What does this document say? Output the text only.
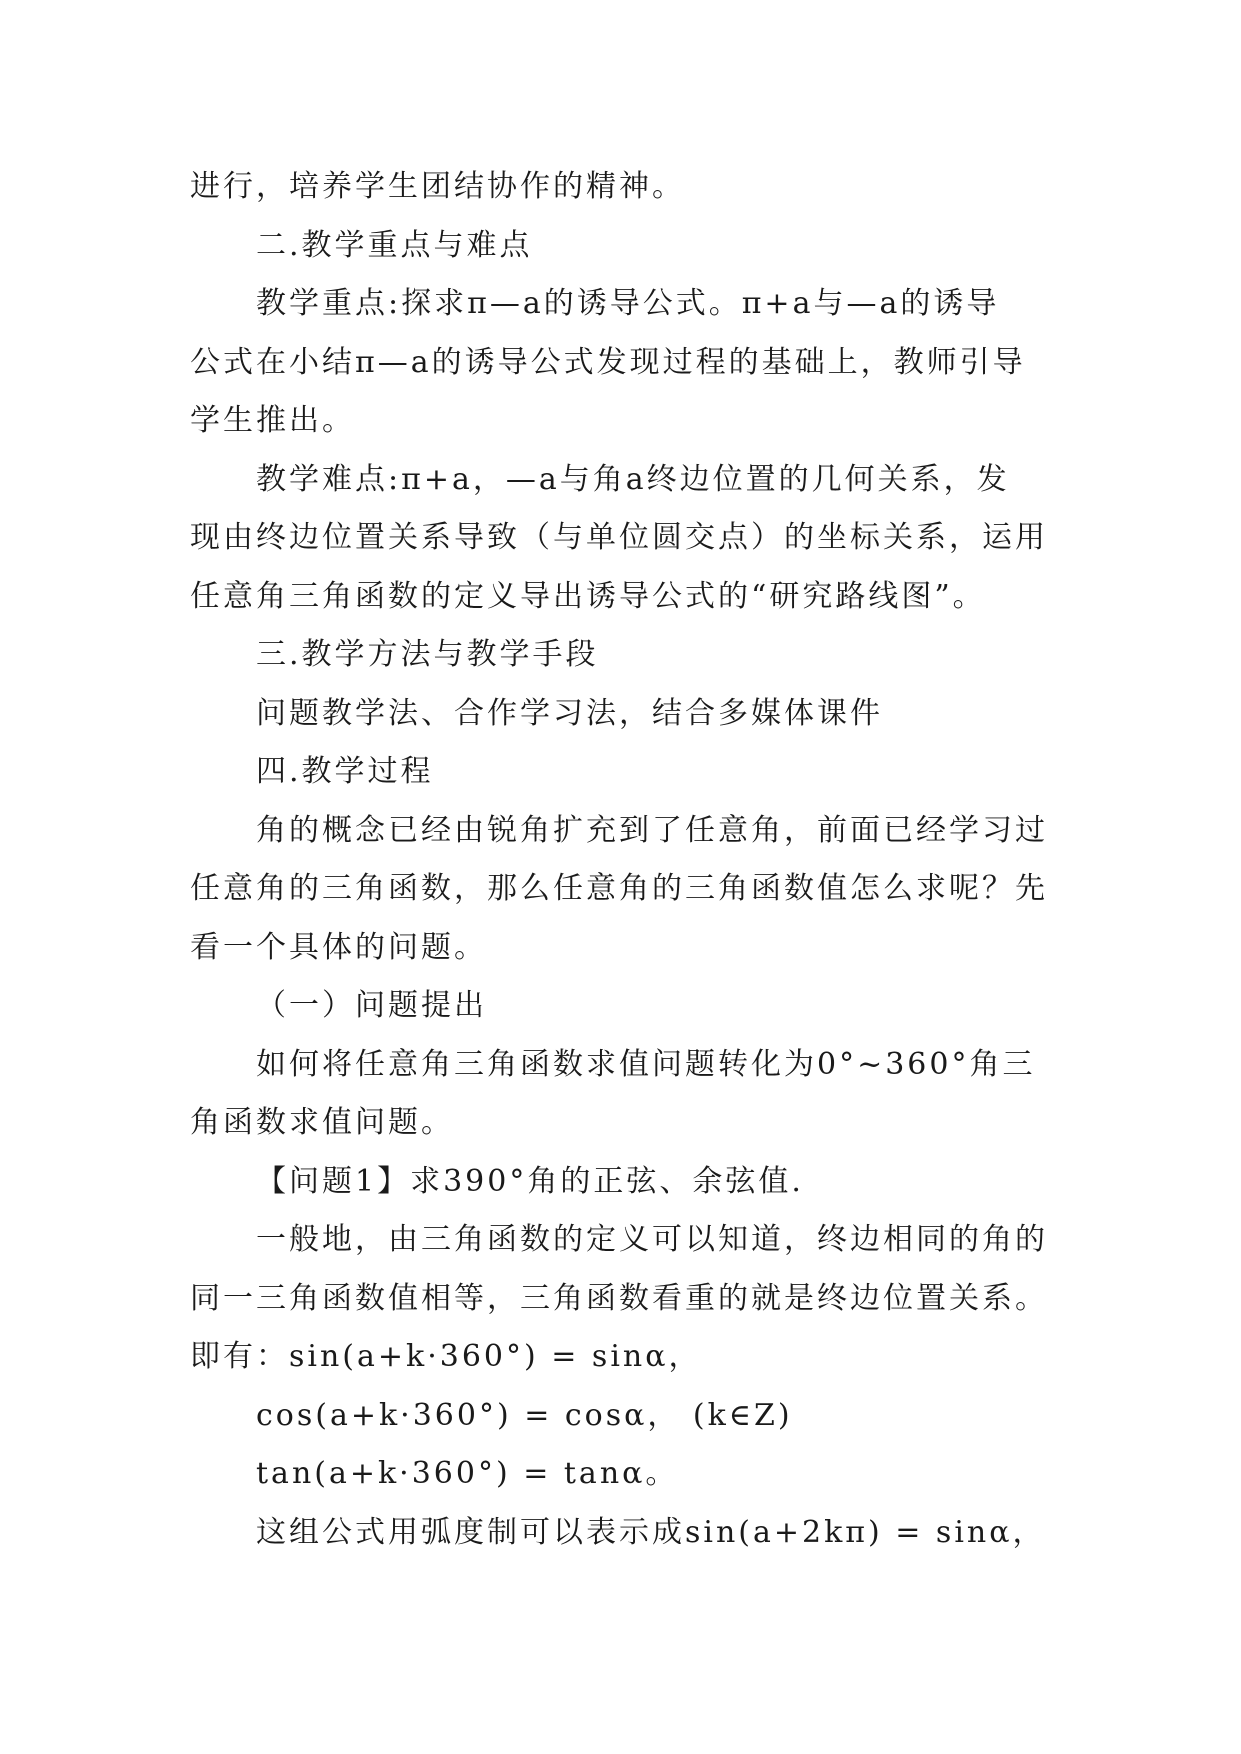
进行，培养学生团结协作的精神。
二.教学重点与难点
教学重点:探求π—a的诱导公式。π+a与—a的诱导
公式在小结π—a的诱导公式发现过程的基础上，教师引导
学生推出。
教学难点:π+a，—a与角a终边位置的几何关系，发
现由终边位置关系导致（与单位圆交点）的坐标关系，运用
任意角三角函数的定义导出诱导公式的“研究路线图”。
三.教学方法与教学手段
问题教学法、合作学习法，结合多媒体课件
四.教学过程
角的概念已经由锐角扩充到了任意角，前面已经学习过
任意角的三角函数，那么任意角的三角函数值怎么求呢？先
看一个具体的问题。
（一）问题提出
如何将任意角三角函数求值问题转化为0°~360°角三
角函数求值问题。
【问题1】求390°角的正弦、余弦值.
一般地，由三角函数的定义可以知道，终边相同的角的
同一三角函数值相等，三角函数看重的就是终边位置关系。
即有：sin(a+k·360°) = sinα，
cos(a+k·360°) = cosα， (k∈Z)
tan(a+k·360°) = tanα。
这组公式用弧度制可以表示成sin(a+2kπ) = sinα，
